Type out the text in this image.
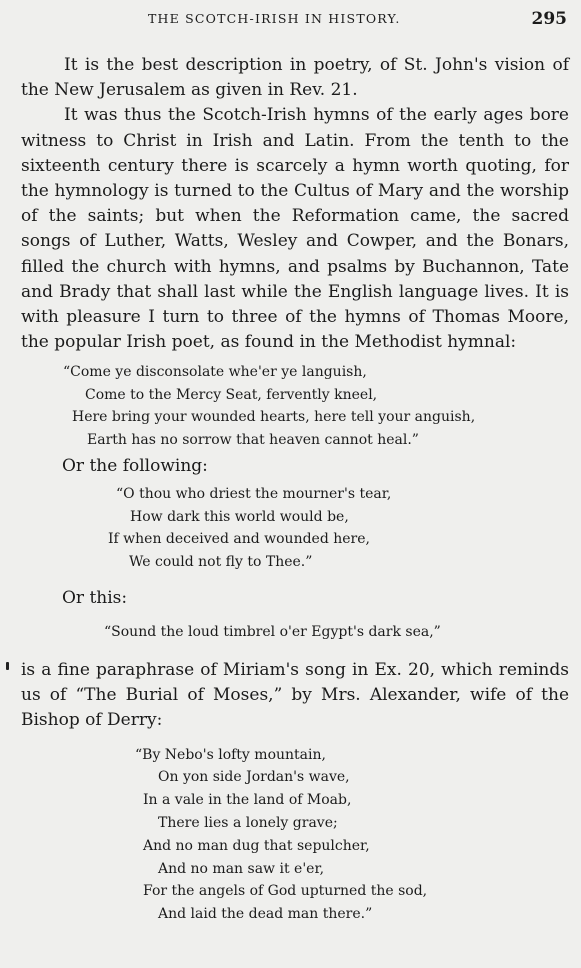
THE SCOTCH-IRISH IN HISTORY.	295

It is the best description in poetry, of St. John's vision of the New Jerusalem as given in Rev. 21.

It was thus the Scotch-Irish hymns of the early ages bore witness to Christ in Irish and Latin. From the tenth to the sixteenth century there is scarcely a hymn worth quoting, for the hymnology is turned to the Cultus of Mary and the worship of the saints; but when the Reformation came, the sacred songs of Luther, Watts, Wesley and Cowper, and the Bonars, filled the church with hymns, and psalms by Buchannon, Tate and Brady that shall last while the English language lives. It is with pleasure I turn to three of the hymns of Thomas Moore, the popular Irish poet, as found in the Methodist hymnal:

“Come ye disconsolate whe'er ye languish,
Come to the Mercy Seat, fervently kneel,
Here bring your wounded hearts, here tell your anguish,
Earth has no sorrow that heaven cannot heal.”

Or the following:

“O thou who driest the mourner's tear,
How dark this world would be,
If when deceived and wounded here,
We could not fly to Thee.”

Or this:

“Sound the loud timbrel o'er Egypt's dark sea,”

is a fine paraphrase of Miriam's song in Ex. 20, which reminds us of “The Burial of Moses,” by Mrs. Alexander, wife of the Bishop of Derry:

“By Nebo's lofty mountain,
On yon side Jordan's wave,
In a vale in the land of Moab,
There lies a lonely grave;
And no man dug that sepulcher,
And no man saw it e'er,
For the angels of God upturned the sod,
And laid the dead man there.”
